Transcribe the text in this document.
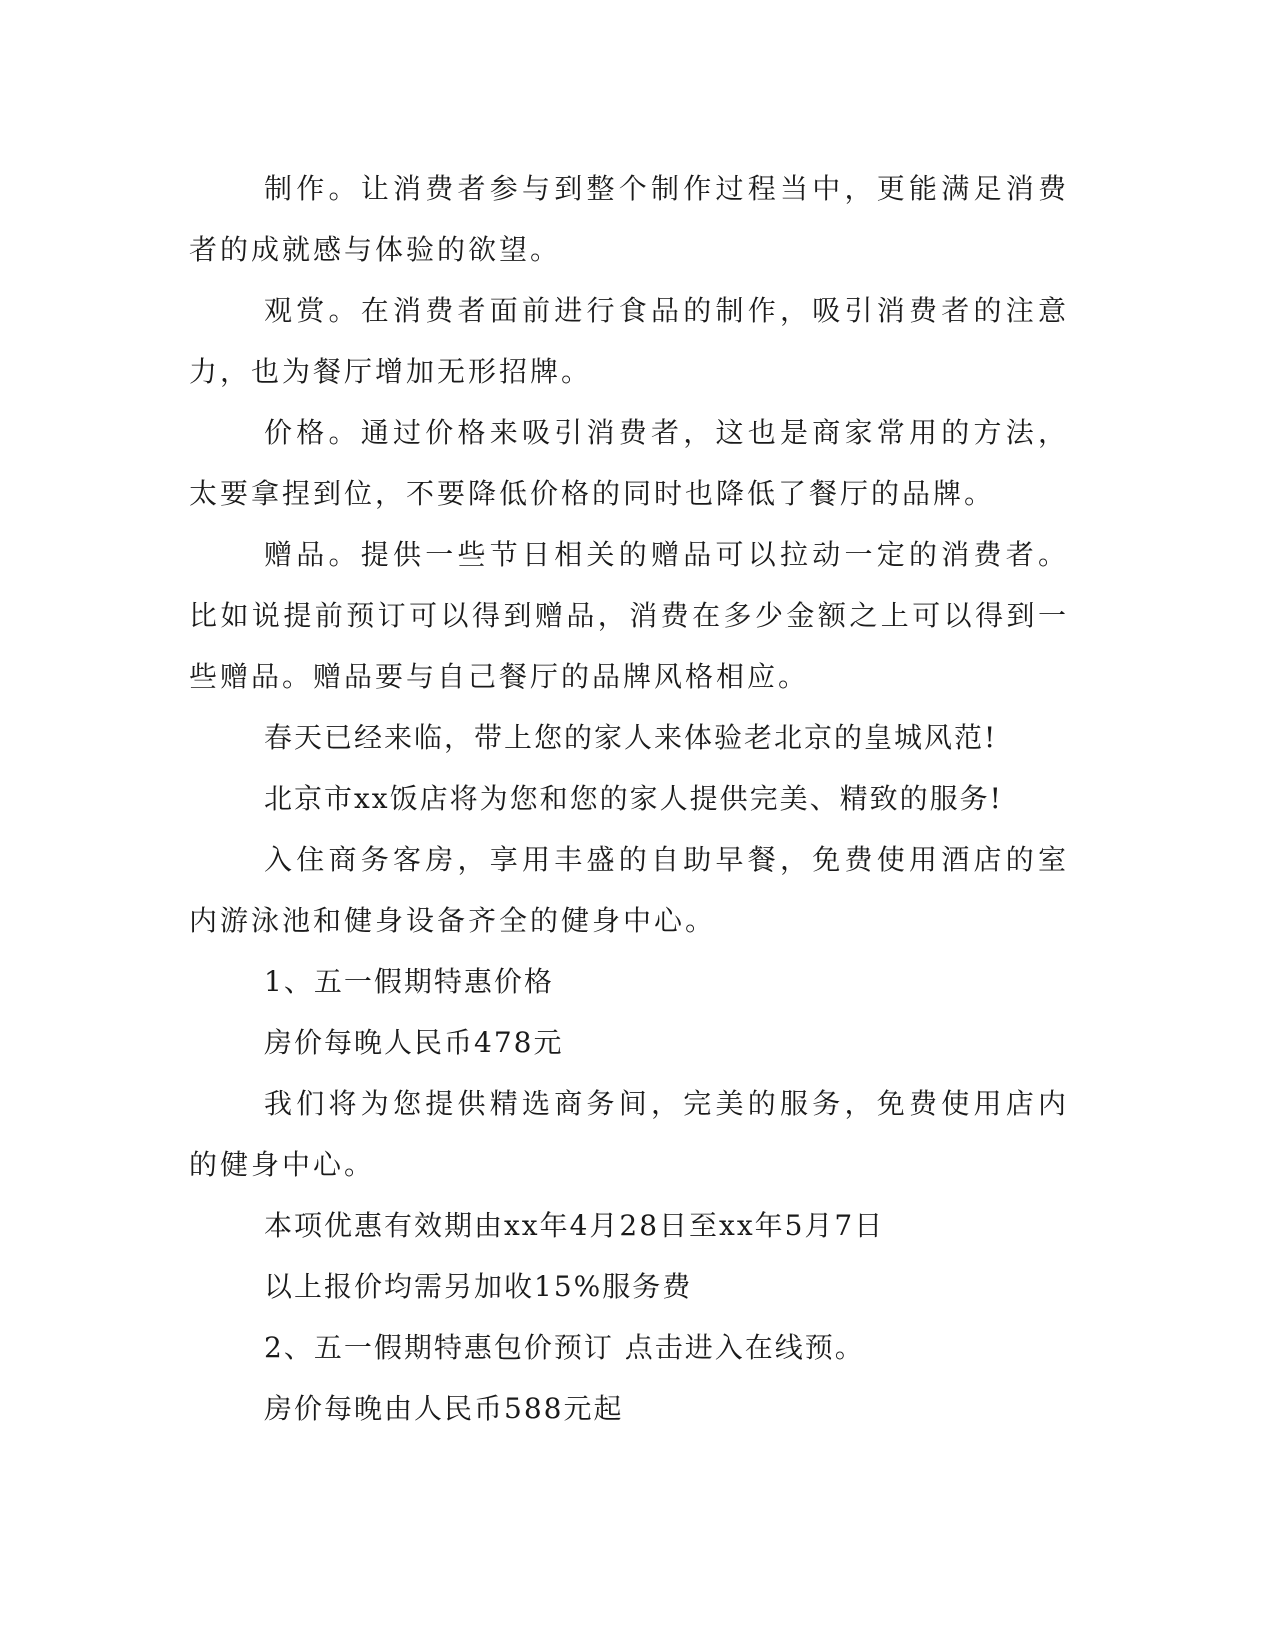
制作。让消费者参与到整个制作过程当中，更能满足消费者的成就感与体验的欲望。

观赏。在消费者面前进行食品的制作，吸引消费者的注意力，也为餐厅增加无形招牌。

价格。通过价格来吸引消费者，这也是商家常用的方法，太要拿捏到位，不要降低价格的同时也降低了餐厅的品牌。

赠品。提供一些节日相关的赠品可以拉动一定的消费者。比如说提前预订可以得到赠品，消费在多少金额之上可以得到一些赠品。赠品要与自己餐厅的品牌风格相应。

春天已经来临，带上您的家人来体验老北京的皇城风范!

北京市xx饭店将为您和您的家人提供完美、精致的服务!

入住商务客房，享用丰盛的自助早餐，免费使用酒店的室内游泳池和健身设备齐全的健身中心。

1、五一假期特惠价格

房价每晚人民币478元

我们将为您提供精选商务间，完美的服务，免费使用店内的健身中心。

本项优惠有效期由xx年4月28日至xx年5月7日

以上报价均需另加收15%服务费

2、五一假期特惠包价预订 点击进入在线预。

房价每晚由人民币588元起
